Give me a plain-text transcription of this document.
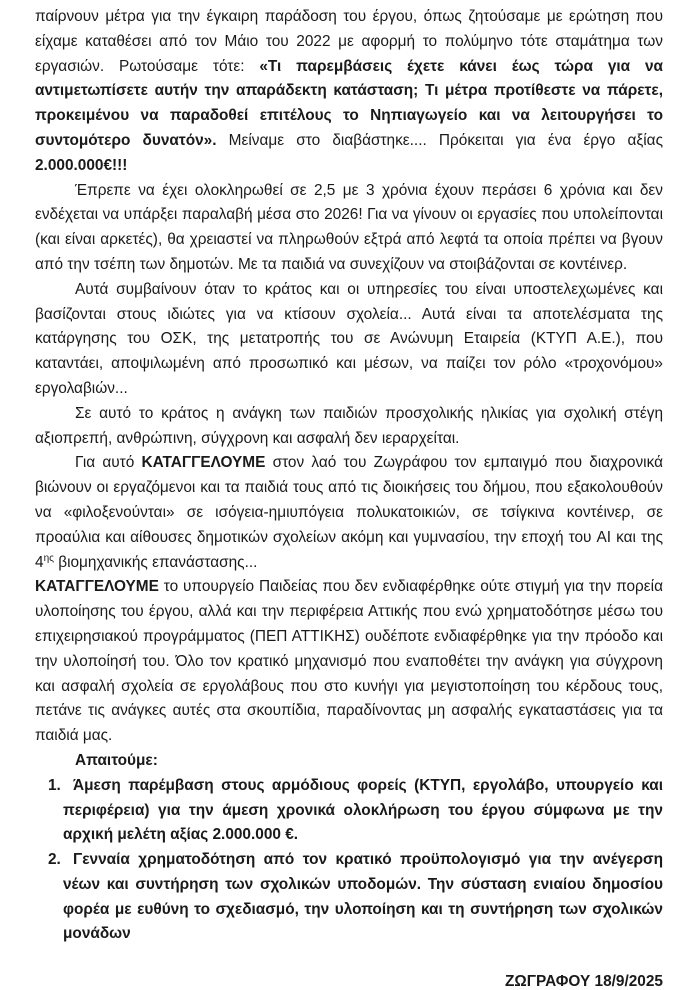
παίρνουν μέτρα για την έγκαιρη παράδοση του έργου, όπως ζητούσαμε με ερώτηση που είχαμε καταθέσει από τον Μάιο του 2022 με αφορμή το πολύμηνο τότε σταμάτημα των εργασιών. Ρωτούσαμε τότε: «Τι παρεμβάσεις έχετε κάνει έως τώρα για να αντιμετωπίσετε αυτήν την απαράδεκτη κατάσταση; Τι μέτρα προτίθεστε να πάρετε, προκειμένου να παραδοθεί επιτέλους το Νηπιαγωγείο και να λειτουργήσει το συντομότερο δυνατόν». Μείναμε στο διαβάστηκε.... Πρόκειται για ένα έργο αξίας 2.000.000€!!!

Έπρεπε να έχει ολοκληρωθεί σε 2,5 με 3 χρόνια έχουν περάσει 6 χρόνια και δεν ενδέχεται να υπάρξει παραλαβή μέσα στο 2026! Για να γίνουν οι εργασίες που υπολείπονται (και είναι αρκετές), θα χρειαστεί να πληρωθούν εξτρά από λεφτά τα οποία πρέπει να βγουν από την τσέπη των δημοτών. Με τα παιδιά να συνεχίζουν να στοιβάζονται σε κοντέινερ.

Αυτά συμβαίνουν όταν το κράτος και οι υπηρεσίες του είναι υποστελεχωμένες και βασίζονται στους ιδιώτες για να κτίσουν σχολεία... Αυτά είναι τα αποτελέσματα της κατάργησης του ΟΣΚ, της μετατροπής του σε Ανώνυμη Εταιρεία (ΚΤΥΠ Α.Ε.), που καταντάει, αποψιλωμένη από προσωπικό και μέσων, να παίζει τον ρόλο «τροχονόμου» εργολαβιών...

Σε αυτό το κράτος η ανάγκη των παιδιών προσχολικής ηλικίας για σχολική στέγη αξιοπρεπή, ανθρώπινη, σύγχρονη και ασφαλή δεν ιεραρχείται.

Για αυτό ΚΑΤΑΓΓΕΛΟΥΜΕ στον λαό του Ζωγράφου τον εμπαιγμό που διαχρονικά βιώνουν οι εργαζόμενοι και τα παιδιά τους από τις διοικήσεις του δήμου, που εξακολουθούν να «φιλοξενούνται» σε ισόγεια-ημιυπόγεια πολυκατοικιών, σε τσίγκινα κοντέινερ, σε προαύλια και αίθουσες δημοτικών σχολείων ακόμη και γυμνασίου, την εποχή του AI και της $4^{\eta\varsigma}$ βιομηχανικής επανάστασης...

ΚΑΤΑΓΓΕΛΟΥΜΕ το υπουργείο Παιδείας που δεν ενδιαφέρθηκε ούτε στιγμή για την πορεία υλοποίησης του έργου, αλλά και την περιφέρεια Αττικής που ενώ χρηματοδότησε μέσω του επιχειρησιακού προγράμματος (ΠΕΠ ΑΤΤΙΚΗΣ) ουδέποτε ενδιαφέρθηκε για την πρόοδο και την υλοποίησή του. Όλο τον κρατικό μηχανισμό που εναποθέτει την ανάγκη για σύγχρονη και ασφαλή σχολεία σε εργολάβους που στο κυνήγι για μεγιστοποίηση του κέρδους τους, πετάνε τις ανάγκες αυτές στα σκουπίδια, παραδίνοντας μη ασφαλής εγκαταστάσεις για τα παιδιά μας.

Απαιτούμε:

1. Άμεση παρέμβαση στους αρμόδιους φορείς (ΚΤΥΠ, εργολάβο, υπουργείο και περιφέρεια) για την άμεση χρονικά ολοκλήρωση του έργου σύμφωνα με την αρχική μελέτη αξίας 2.000.000 €.
2. Γενναία χρηματοδότηση από τον κρατικό προϋπολογισμό για την ανέγερση νέων και συντήρηση των σχολικών υποδομών. Την σύσταση ενιαίου δημοσίου φορέα με ευθύνη το σχεδιασμό, την υλοποίηση και τη συντήρηση των σχολικών μονάδων

ΖΩΓΡΑΦΟΥ 18/9/2025
